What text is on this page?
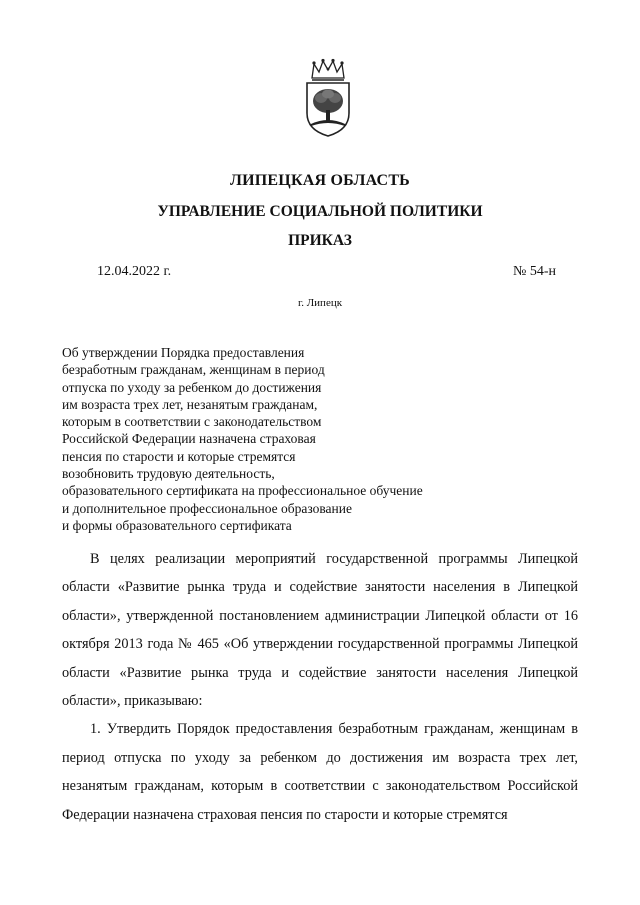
ЛИПЕЦКАЯ ОБЛАСТЬ
УПРАВЛЕНИЕ СОЦИАЛЬНОЙ ПОЛИТИКИ
ПРИКАЗ
12.04.2022 г.	№ 54-н
г. Липецк
Об утверждении Порядка предоставления
безработным гражданам, женщинам в период
отпуска по уходу за ребенком до достижения
им возраста трех лет, незанятым гражданам,
которым в соответствии с законодательством
Российской Федерации назначена страховая
пенсия по старости и которые стремятся
возобновить трудовую деятельность,
образовательного сертификата на профессиональное обучение
и дополнительное профессиональное образование
и формы образовательного сертификата

В целях реализации мероприятий государственной программы Липецкой области «Развитие рынка труда и содействие занятости населения в Липецкой области», утвержденной постановлением администрации Липецкой области от 16 октября 2013 года № 465 «Об утверждении государственной программы Липецкой области «Развитие рынка труда и содействие занятости населения Липецкой области», приказываю:

1. Утвердить Порядок предоставления безработным гражданам, женщинам в период отпуска по уходу за ребенком до достижения им возраста трех лет, незанятым гражданам, которым в соответствии с законодательством Российской Федерации назначена страховая пенсия по старости и которые стремятся
